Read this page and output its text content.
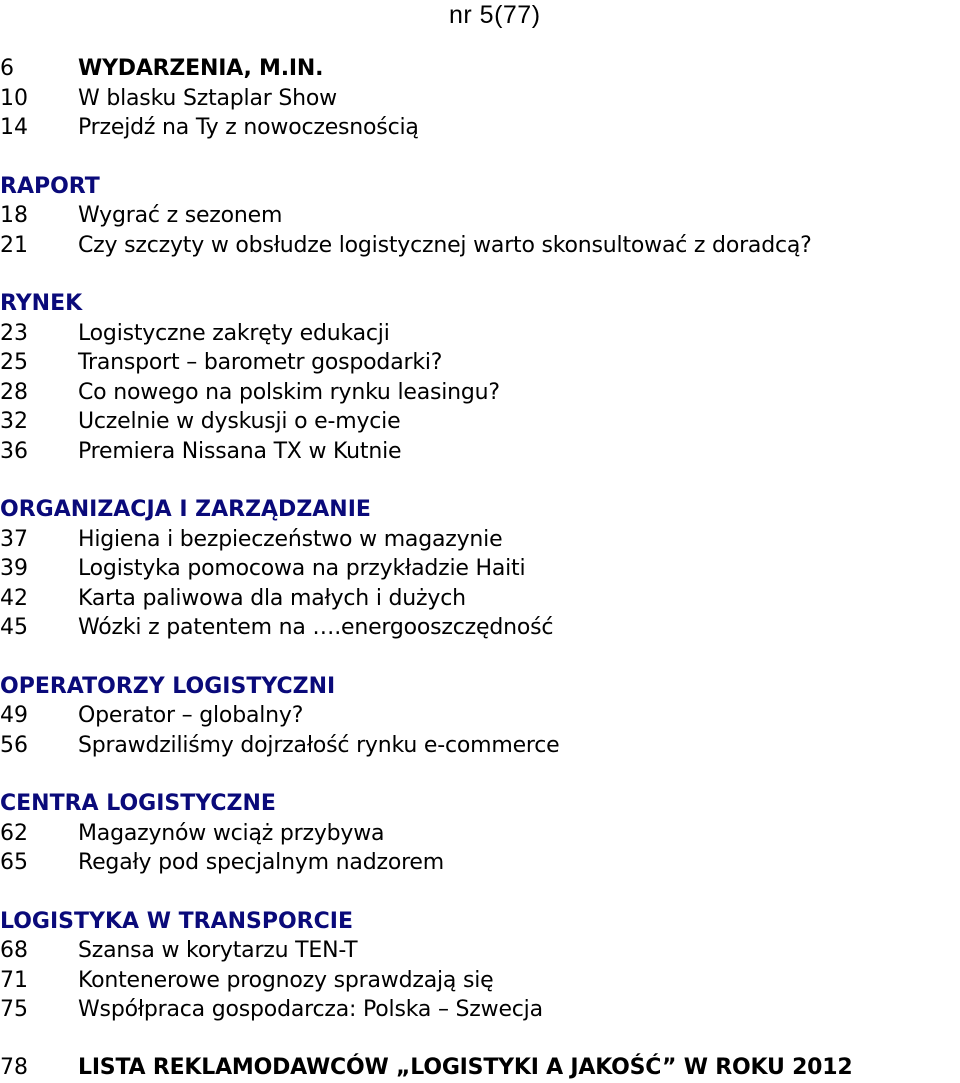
nr 5(77)
6	WYDARZENIA, M.IN.
10	W blasku Sztaplar Show
14	Przejdź na Ty z nowoczesnością
RAPORT
18	Wygrać z sezonem
21	Czy szczyty w obsłudze logistycznej warto skonsultować z doradcą?
RYNEK
23	Logistyczne zakręty edukacji
25	Transport – barometr gospodarki?
28	Co nowego na polskim rynku leasingu?
32	Uczelnie w dyskusji o e-mycie
36	Premiera Nissana TX w Kutnie
ORGANIZACJA I ZARZĄDZANIE
37	Higiena i bezpieczeństwo w magazynie
39	Logistyka pomocowa na przykładzie Haiti
42	Karta paliwowa dla małych i dużych
45	Wózki z patentem na ….energooszczędność
OPERATORZY LOGISTYCZNI
49	Operator – globalny?
56	Sprawdziliśmy dojrzałość rynku e-commerce
CENTRA LOGISTYCZNE
62	Magazynów wciąż przybywa
65	Regały pod specjalnym nadzorem
LOGISTYKA W TRANSPORCIE
68	Szansa w korytarzu TEN-T
71	Kontenerowe prognozy sprawdzają się
75	Współpraca gospodarcza: Polska – Szwecja
78	LISTA REKLAMODAWCÓW „LOGISTYKI A JAKOŚĆ” W ROKU 2012
